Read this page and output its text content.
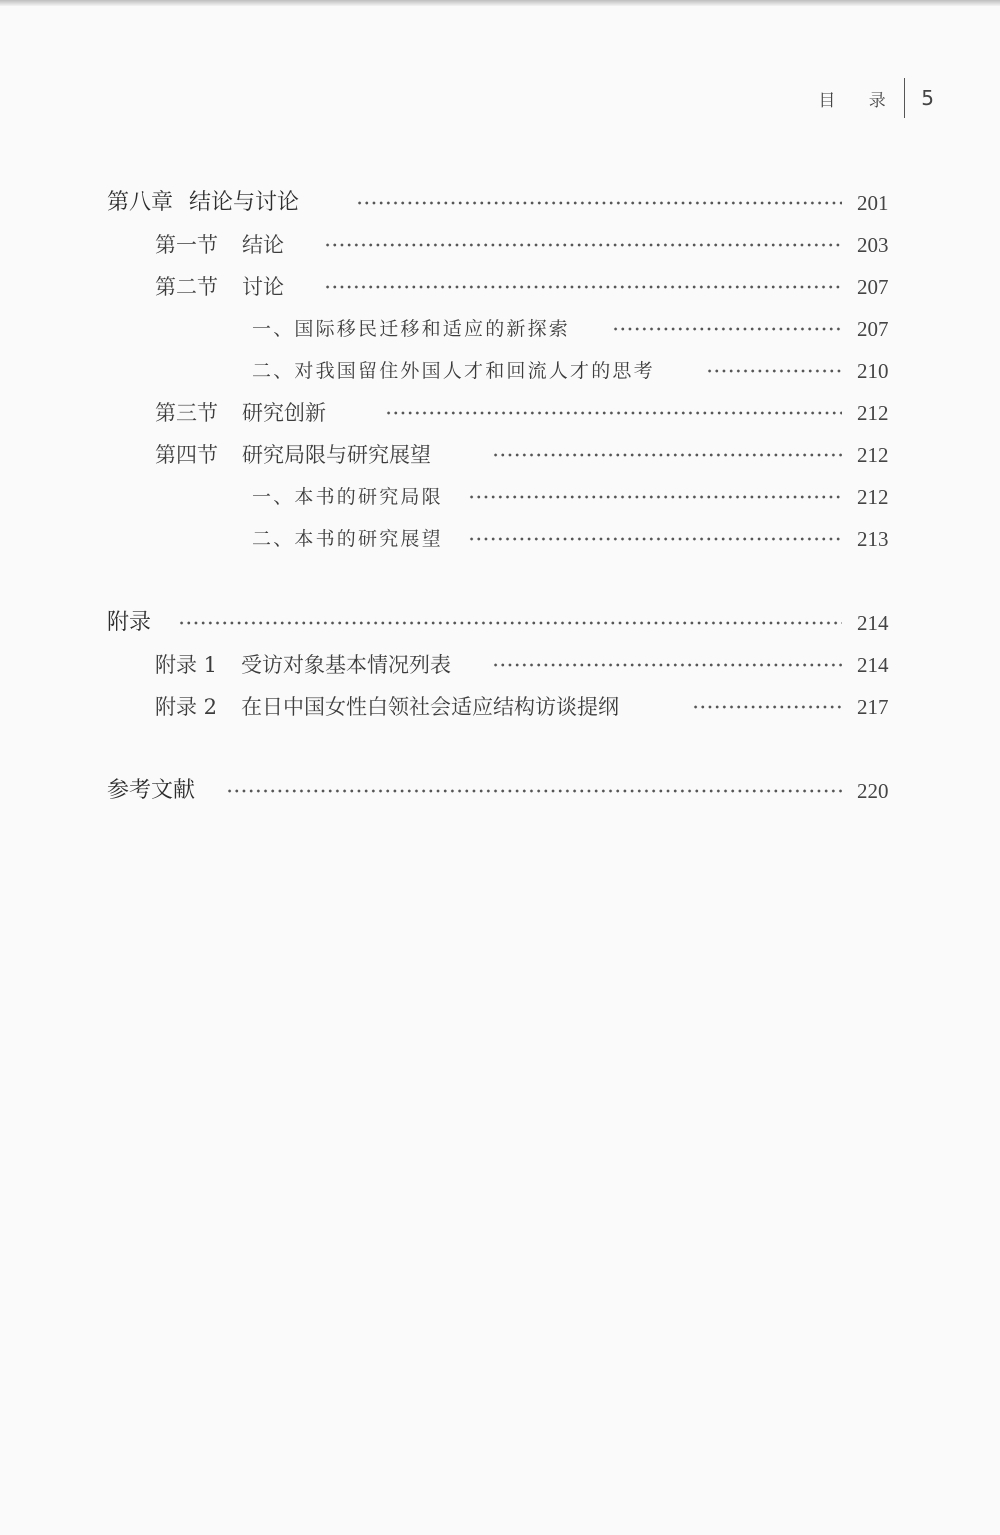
目 录 5
第八章 结论与讨论	201
第一节 结论	203
第二节 讨论	207
一、国际移民迁移和适应的新探索	207
二、对我国留住外国人才和回流人才的思考	210
第三节 研究创新	212
第四节 研究局限与研究展望	212
一、本书的研究局限	212
二、本书的研究展望	213
附录	214
附录 1 受访对象基本情况列表	214
附录 2 在日中国女性白领社会适应结构访谈提纲	217
参考文献	220
